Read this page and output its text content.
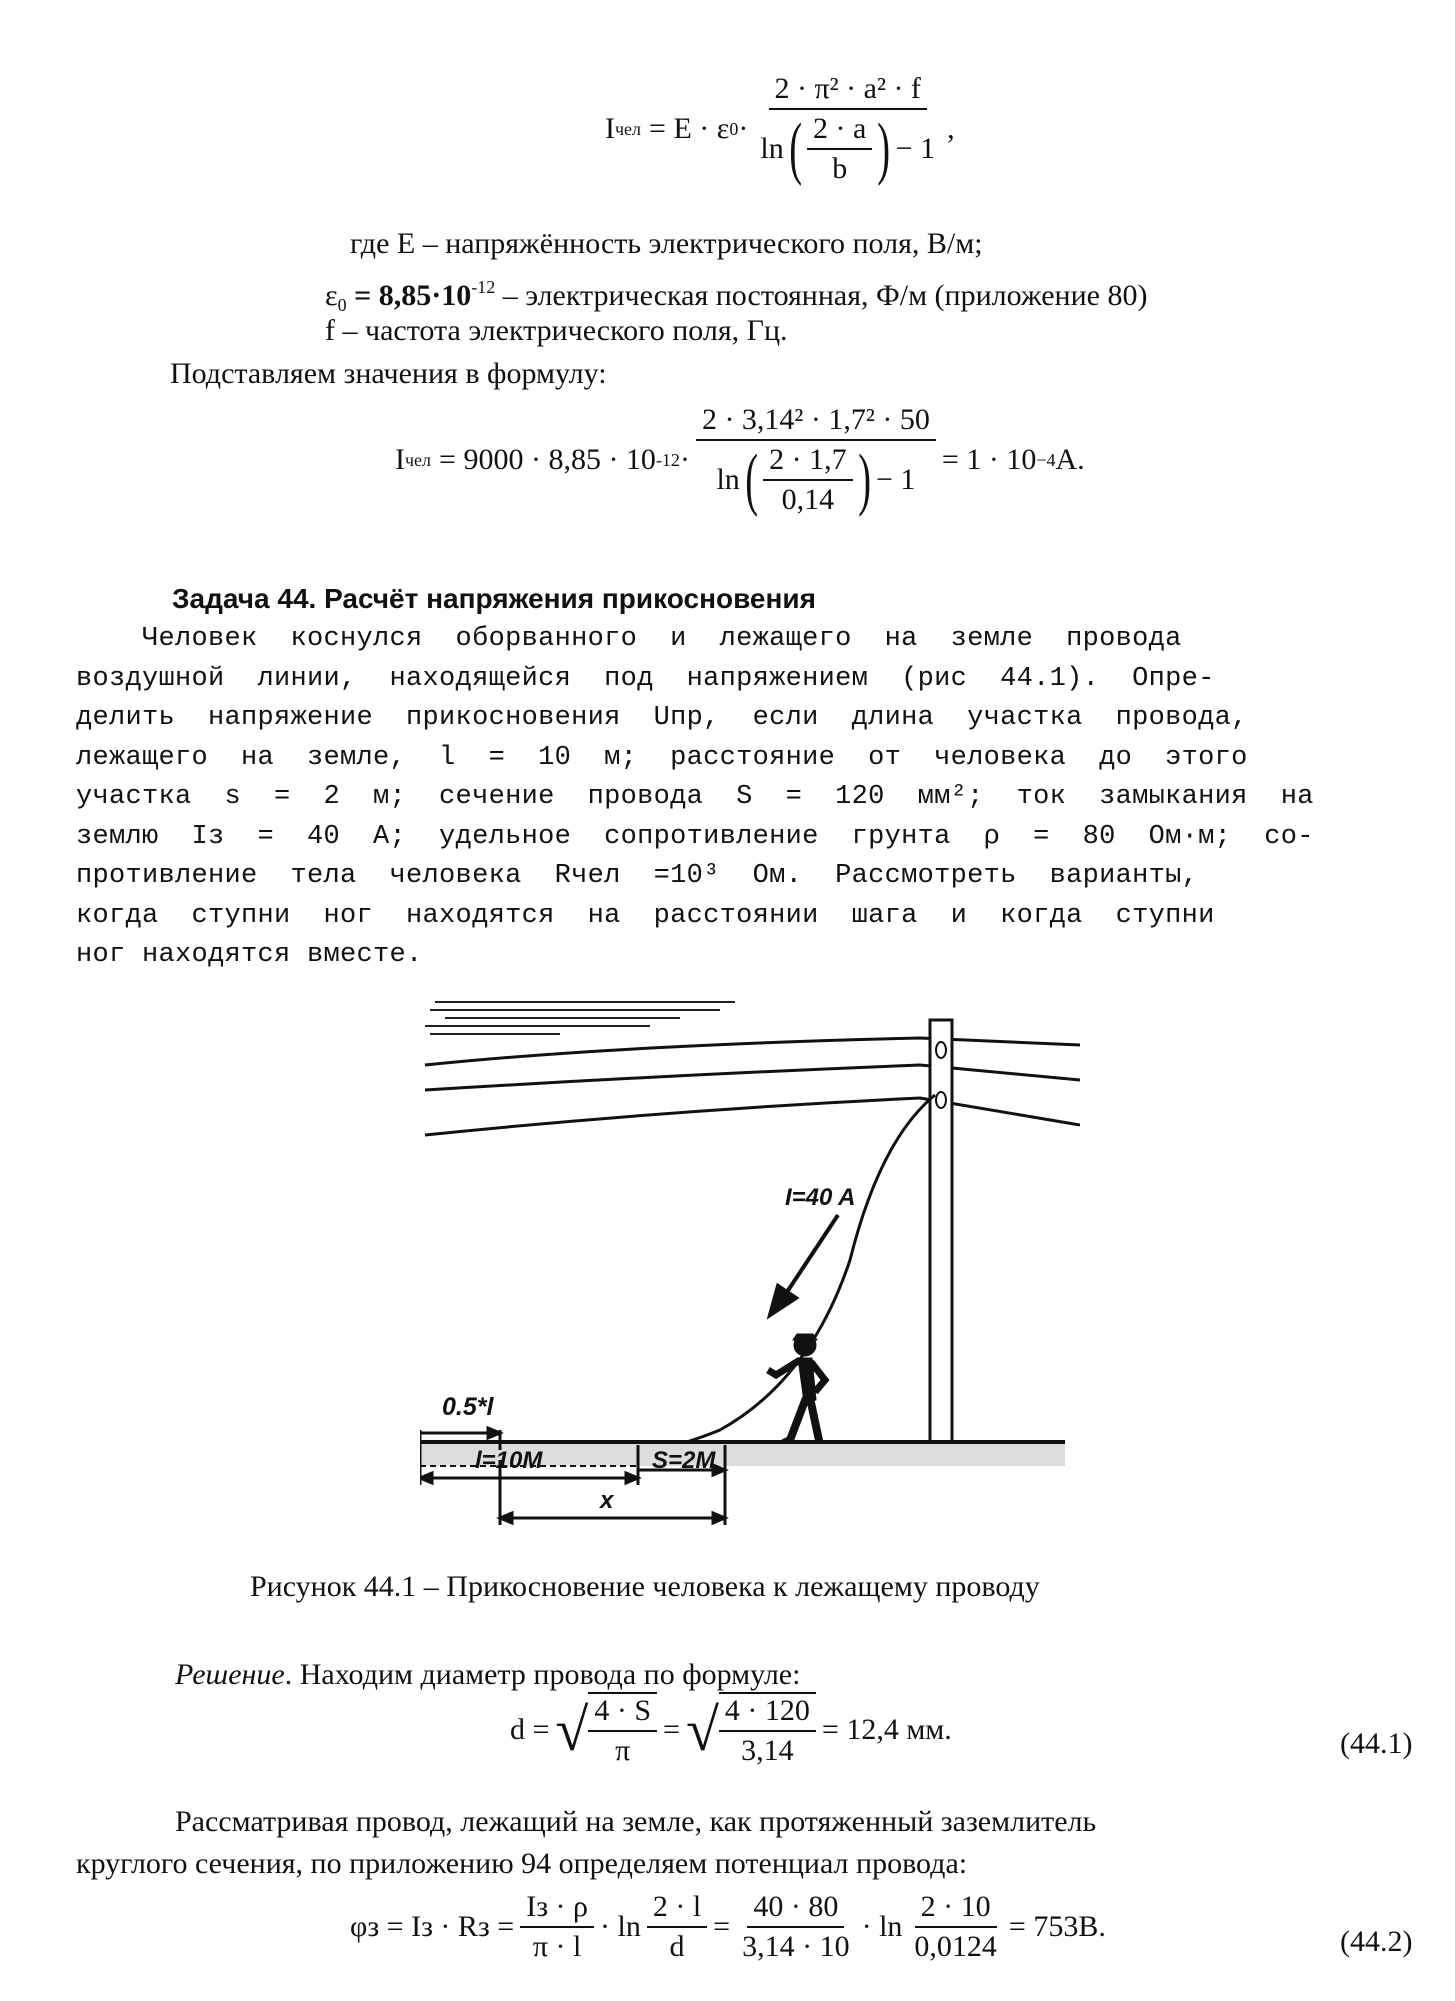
I чел = E · ε $0 \cdot \frac{\text{2 · π² · a² · f}}{\ln ( \frac{2 \cdot a}{b} ) - 1}$ ,
где E – напряжённость электрического поля, В/м;
$\varepsilon_0 = 8,85\cdot 10^{-12}$ – электрическая постоянная, Ф/м (приложение 80)
f – частота электрического поля, Гц.
Подставляем значения в формулу:
I чел = 9000 · 8,85 · 10 $-12 \cdot \frac{\text{2 · 3,14² · 1,7² · 50}}{\ln ( \frac{2 \cdot 1,7}{0,14} ) - 1} = 1 \cdot 10 -4$ A.
Задача 44. Расчёт напряжения прикосновения
Человек  коснулся  оборванного  и  лежащего  на  земле  провода
воздушной  линии,  находящейся  под  напряжением  (рис  44.1).  Опре-
делить  напряжение  прикосновения  Uпр,  если  длина  участка  провода,
лежащего  на  земле,  l  =  10  м;  расстояние  от  человека  до  этого
участка  s  =  2  м;  сечение  провода  S  =  120  мм²;  ток  замыкания  на
землю  Iз  =  40  А;  удельное  сопротивление  грунта  ρ  =  80  Ом·м;  со-
противление  тела  человека  Rчел  =10³  Ом.  Рассмотреть  варианты,
когда  ступни  ног  находятся  на  расстоянии  шага  и  когда  ступни
ног находятся вместе.
I=40 A
0.5*l
l=10M	S=2M
x
Рисунок 44.1 – Прикосновение человека к лежащему проводу
Решение. Находим диаметр провода по формуле:
d = √ $\frac{4 \cdot S}{\pi}$ = √ $\frac{4 \cdot 120}{3,14} = 12,4$ мм.	(44.1)
Рассматривая провод, лежащий на земле, как протяженный заземлитель
круглого сечения, по приложению 94 определяем потенциал провода:
φз = Iз · Rз = $\frac{Iз \cdot \rho}{\pi \cdot l} \cdot \ln \frac{2 \cdot l}{d} = \frac{40 \cdot 80}{3,14 \cdot 10} \cdot \ln \frac{2 \cdot 10}{0,0124} = 753B$.	(44.2)
